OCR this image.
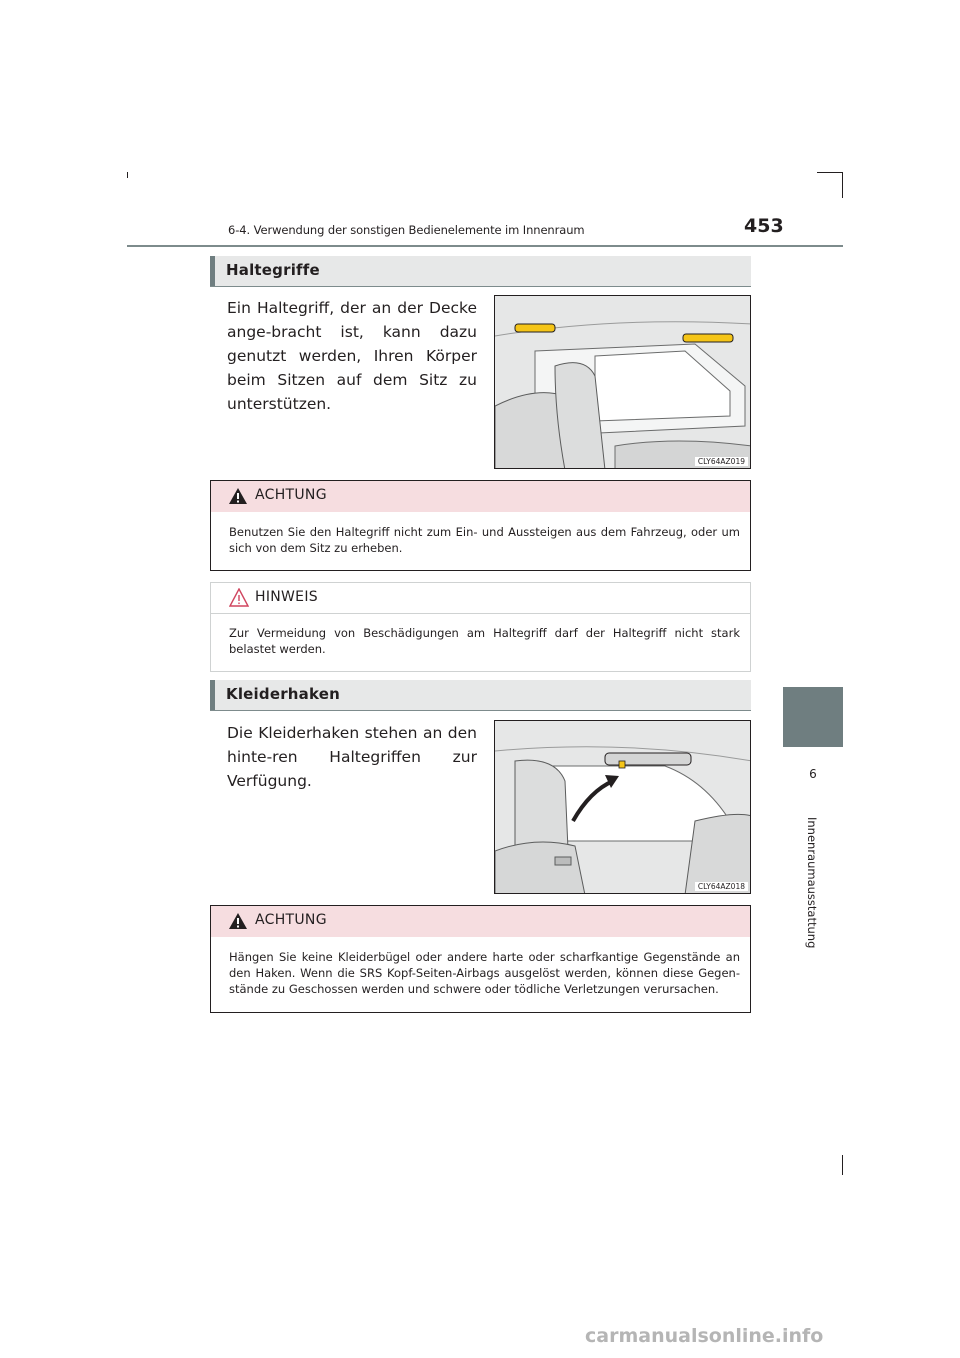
6-4. Verwendung der sonstigen Bedienelemente im Innenraum	453
6
Innenraumausstattung
Haltegriffe
Ein Haltegriff, der an der Decke ange-bracht ist, kann dazu genutzt werden, Ihren Körper beim Sitzen auf dem Sitz zu unterstützen.
CLY64AZ019
ACHTUNG
Benutzen Sie den Haltegriff nicht zum Ein- und Aussteigen aus dem Fahrzeug, oder um sich von dem Sitz zu erheben.
HINWEIS
Zur Vermeidung von Beschädigungen am Haltegriff darf der Haltegriff nicht stark belastet werden.
Kleiderhaken
Die Kleiderhaken stehen an den hinte-ren Haltegriffen zur Verfügung.
CLY64AZ018
ACHTUNG
Hängen Sie keine Kleiderbügel oder andere harte oder scharfkantige Gegenstände an den Haken. Wenn die SRS Kopf-Seiten-Airbags ausgelöst werden, können diese Gegen-stände zu Geschossen werden und schwere oder tödliche Verletzungen verursachen.
carmanualsonline.info
